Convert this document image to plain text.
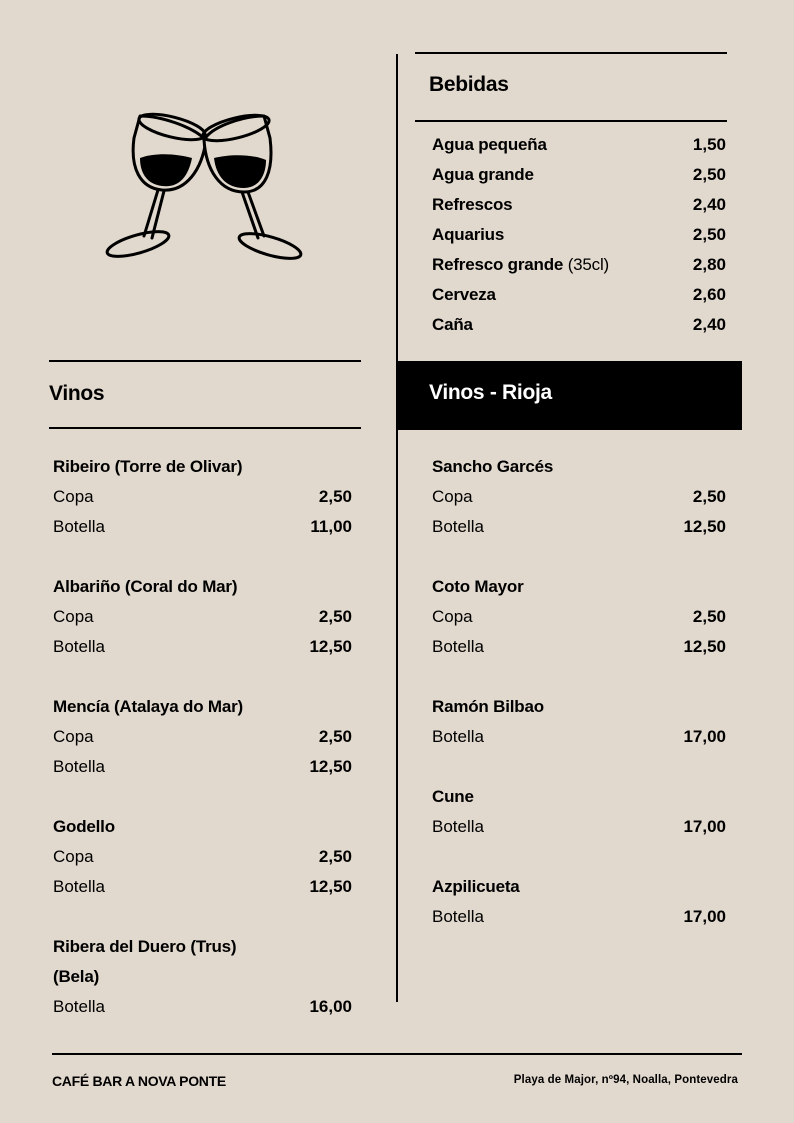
Bebidas
Agua pequeña	1,50
Agua grande	2,50
Refrescos	2,40
Aquarius	2,50
Refresco grande (35cl)	2,80
Cerveza	2,60
Caña	2,40
Vinos
Ribeiro (Torre de Olivar)
Copa	2,50
Botella	11,00
Albariño (Coral do Mar)
Copa	2,50
Botella	12,50
Mencía (Atalaya do Mar)
Copa	2,50
Botella	12,50
Godello
Copa	2,50
Botella	12,50
Ribera del Duero (Trus)
(Bela)
Botella	16,00
Vinos - Rioja
Sancho Garcés
Copa	2,50
Botella	12,50
Coto Mayor
Copa	2,50
Botella	12,50
Ramón Bilbao
Botella	17,00
Cune
Botella	17,00
Azpilicueta
Botella	17,00
CAFÉ BAR A NOVA PONTE	Playa de Major, nº94, Noalla, Pontevedra
